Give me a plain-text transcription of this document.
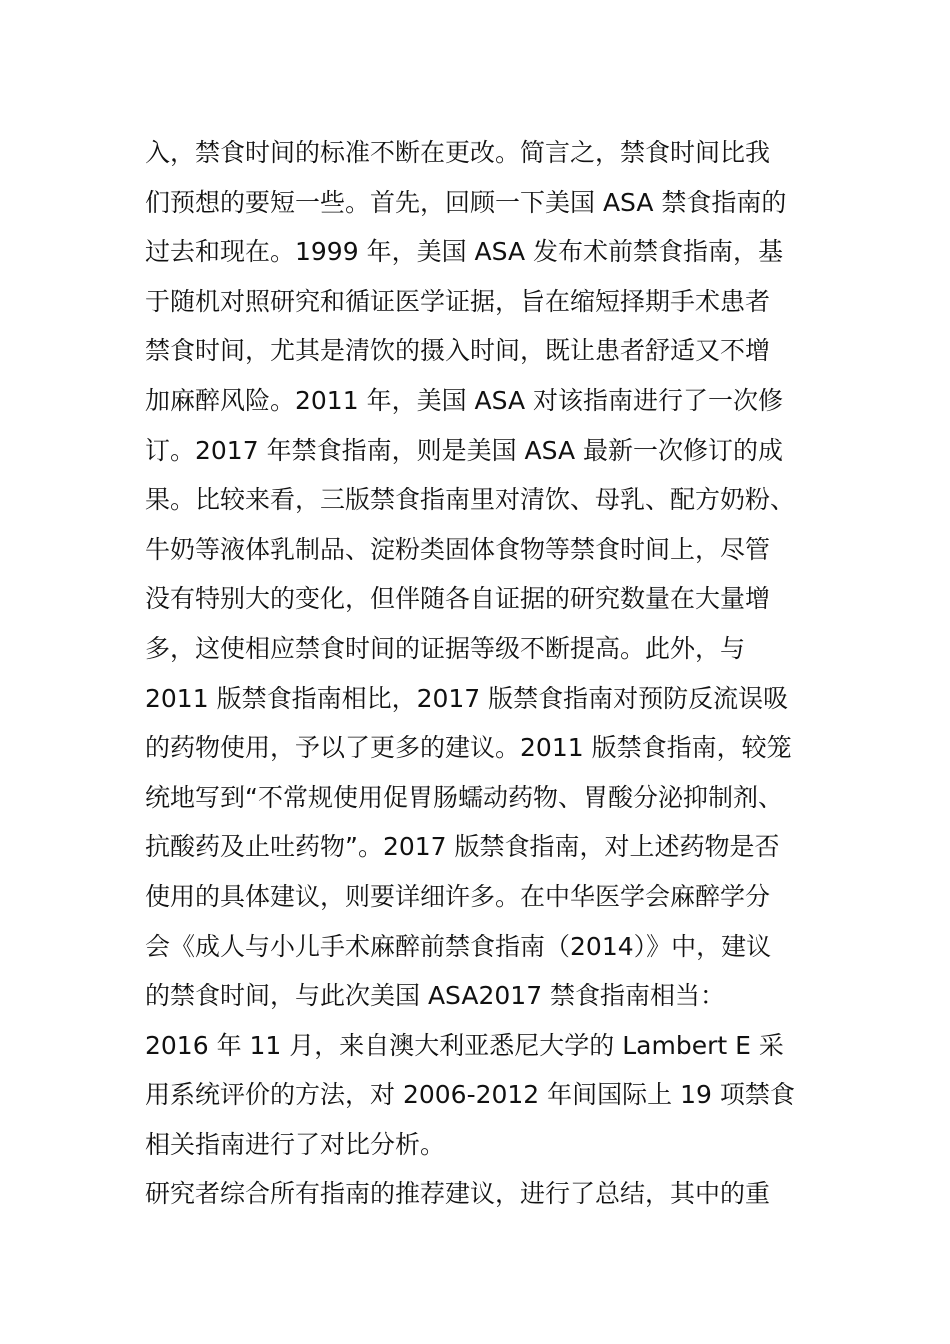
入，禁食时间的标准不断在更改。简言之，禁食时间比我
们预想的要短一些。首先，回顾一下美国 ASA 禁食指南的
过去和现在。1999 年，美国 ASA 发布术前禁食指南，基
于随机对照研究和循证医学证据，旨在缩短择期手术患者
禁食时间，尤其是清饮的摄入时间，既让患者舒适又不增
加麻醉风险。2011 年，美国 ASA 对该指南进行了一次修
订。2017 年禁食指南，则是美国 ASA 最新一次修订的成
果。比较来看，三版禁食指南里对清饮、母乳、配方奶粉、
牛奶等液体乳制品、淀粉类固体食物等禁食时间上，尽管
没有特别大的变化，但伴随各自证据的研究数量在大量增
多，这使相应禁食时间的证据等级不断提高。此外，与
2011 版禁食指南相比，2017 版禁食指南对预防反流误吸
的药物使用，予以了更多的建议。2011 版禁食指南，较笼
统地写到“不常规使用促胃肠蠕动药物、胃酸分泌抑制剂、
抗酸药及止吐药物”。2017 版禁食指南，对上述药物是否
使用的具体建议，则要详细许多。在中华医学会麻醉学分
会《成人与小儿手术麻醉前禁食指南（2014）》中，建议
的禁食时间，与此次美国 ASA2017 禁食指南相当：
2016 年 11 月，来自澳大利亚悉尼大学的 Lambert E 采
用系统评价的方法，对 2006-2012 年间国际上 19 项禁食
相关指南进行了对比分析。
研究者综合所有指南的推荐建议，进行了总结，其中的重
